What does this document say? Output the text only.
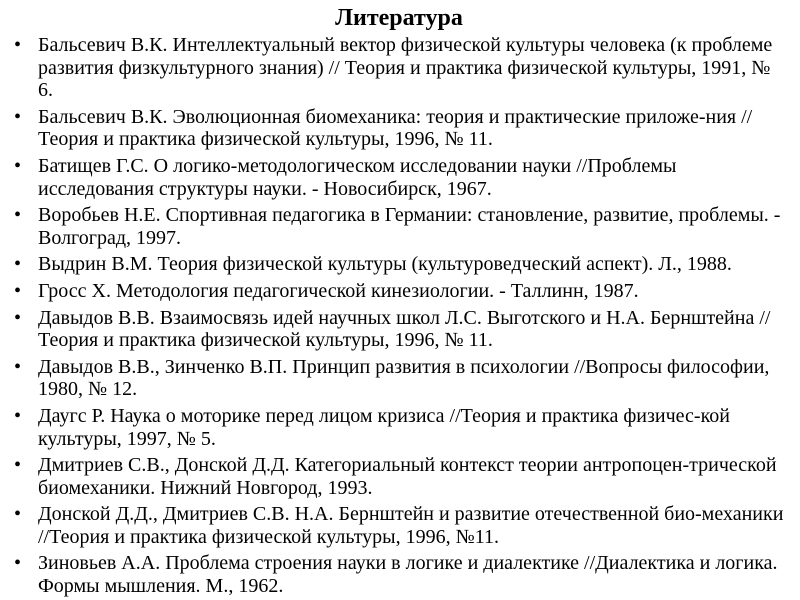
Литература
• Бальсевич В.К. Интеллектуальный вектор физической культуры человека (к проблеме развития физкультурного знания) // Теория и практика физической культуры, 1991, № 6.
• Бальсевич В.К. Эволюционная биомеханика: теория и практические приложе-ния //Теория и практика физической культуры, 1996, № 11.
• Батищев Г.С. О логико-методологическом исследовании науки //Проблемы исследования структуры науки. - Новосибирск, 1967.
• Воробьев Н.Е. Спортивная педагогика в Германии: становление, развитие, проблемы. - Волгоград, 1997.
• Выдрин В.М. Теория физической культуры (культуроведческий аспект). Л., 1988.
• Гросс Х. Методология педагогической кинезиологии. - Таллинн, 1987.
• Давыдов В.В. Взаимосвязь идей научных школ Л.С. Выготского и Н.А. Бернштейна //Теория и практика физической культуры, 1996, № 11.
• Давыдов В.В., Зинченко В.П. Принцип развития в психологии //Вопросы философии, 1980, № 12.
• Даугс Р. Наука о моторике перед лицом кризиса //Теория и практика физичес-кой культуры, 1997, № 5.
• Дмитриев С.В., Донской Д.Д. Категориальный контекст теории антропоцен-трической биомеханики. Нижний Новгород, 1993.
• Донской Д.Д., Дмитриев С.В. Н.А. Бернштейн и развитие отечественной био-механики //Теория и практика физической культуры, 1996, №11.
• Зиновьев А.А. Проблема строения науки в логике и диалектике //Диалектика и логика. Формы мышления. М., 1962.
